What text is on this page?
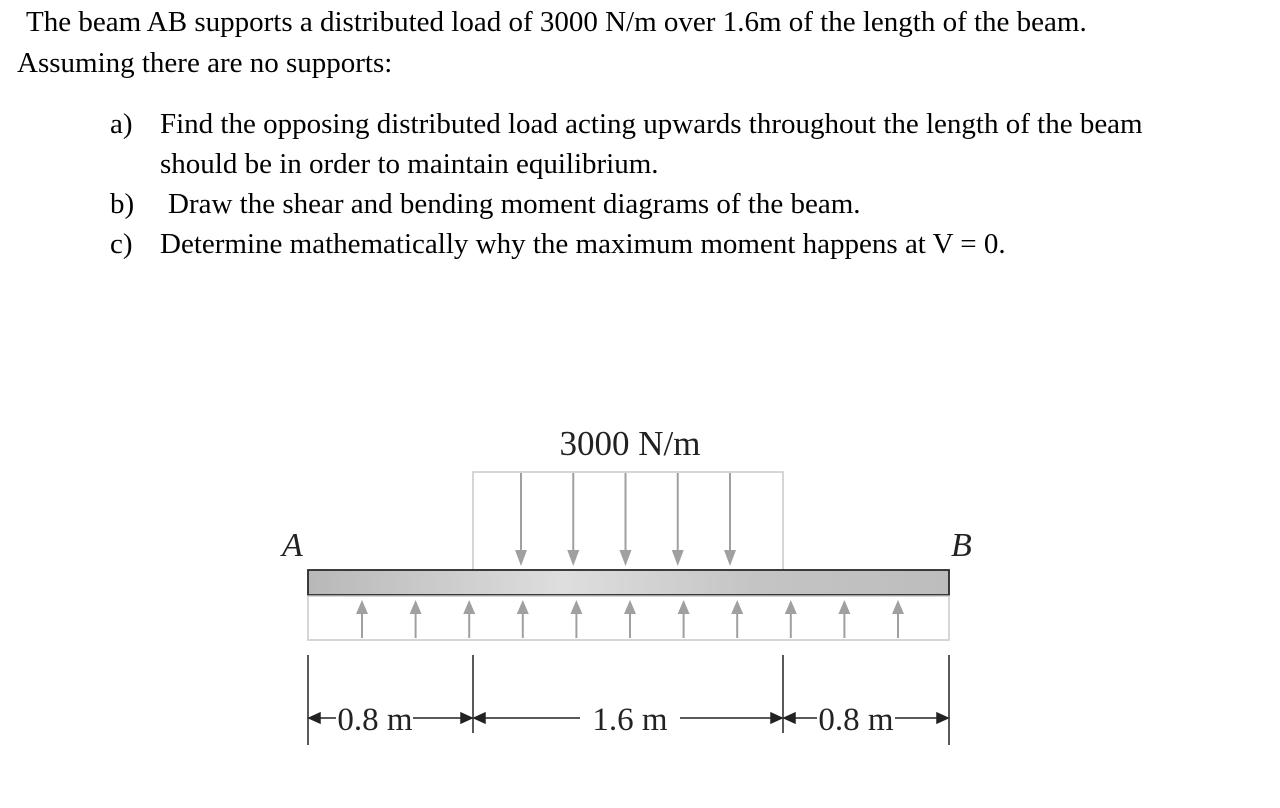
The beam AB supports a distributed load of 3000 N/m over 1.6m of the length of the beam.
Assuming there are no supports:
a) Find the opposing distributed load acting upwards throughout the length of the beam
should be in order to maintain equilibrium.
b) Draw the shear and bending moment diagrams of the beam.
c) Determine mathematically why the maximum moment happens at V = 0.
3000 N/m
A	B
0.8 m	1.6 m	0.8 m
